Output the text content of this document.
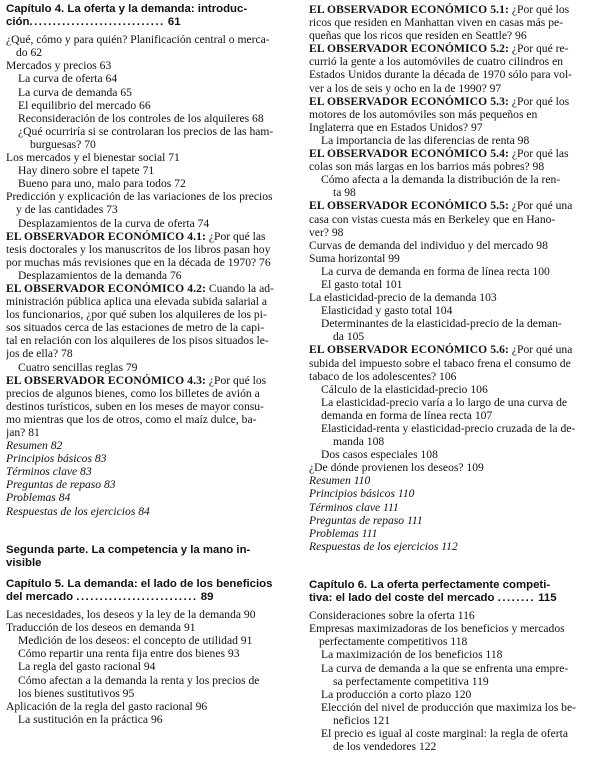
Capítulo 4. La oferta y la demanda: introduc-
ción............................. 61
¿Qué, cómo y para quién? Planificación central o merca-
do 62
Mercados y precios 63
La curva de oferta 64
La curva de demanda 65
El equilibrio del mercado 66
Reconsideración de los controles de los alquileres 68
¿Qué ocurriría si se controlaran los precios de las ham-
burguesas? 70
Los mercados y el bienestar social 71
Hay dinero sobre el tapete 71
Bueno para uno, malo para todos 72
Predicción y explicación de las variaciones de los precios
y de las cantidades 73
Desplazamientos de la curva de oferta 74
EL OBSERVADOR ECONÓMICO 4.1: ¿Por qué las
tesis doctorales y los manuscritos de los libros pasan hoy
por muchas más revisiones que en la década de 1970? 76
Desplazamientos de la demanda 76
EL OBSERVADOR ECONÓMICO 4.2: Cuando la ad-
ministración pública aplica una elevada subida salarial a
los funcionarios, ¿por qué suben los alquileres de los pi-
sos situados cerca de las estaciones de metro de la capi-
tal en relación con los alquileres de los pisos situados le-
jos de ella? 78
Cuatro sencillas reglas 79
EL OBSERVADOR ECONÓMICO 4.3: ¿Por qué los
precios de algunos bienes, como los billetes de avión a
destinos turísticos, suben en los meses de mayor consu-
mo mientras que los de otros, como el maíz dulce, ba-
jan? 81
Resumen 82
Principios básicos 83
Términos clave 83
Preguntas de repaso 83
Problemas 84
Respuestas de los ejercicios 84
Segunda parte. La competencia y la mano in-
visible
Capítulo 5. La demanda: el lado de los beneficios
del mercado .......................... 89
Las necesidades, los deseos y la ley de la demanda 90
Traducción de los deseos en demanda 91
Medición de los deseos: el concepto de utilidad 91
Cómo repartir una renta fija entre dos bienes 93
La regla del gasto racional 94
Cómo afectan a la demanda la renta y los precios de
los bienes sustitutivos 95
Aplicación de la regla del gasto racional 96
La sustitución en la práctica 96
EL OBSERVADOR ECONÓMICO 5.1: ¿Por qué los
ricos que residen en Manhattan viven en casas más pe-
queñas que los ricos que residen en Seattle? 96
EL OBSERVADOR ECONÓMICO 5.2: ¿Por qué re-
currió la gente a los automóviles de cuatro cilindros en
Estados Unidos durante la década de 1970 sólo para vol-
ver a los de seis y ocho en la de 1990? 97
EL OBSERVADOR ECONÓMICO 5.3: ¿Por qué los
motores de los automóviles son más pequeños en
Inglaterra que en Estados Unidos? 97
La importancia de las diferencias de renta 98
EL OBSERVADOR ECONÓMICO 5.4: ¿Por qué las
colas son más largas en los barrios más pobres? 98
Cómo afecta a la demanda la distribución de la ren-
ta 98
EL OBSERVADOR ECONÓMICO 5.5: ¿Por qué una
casa con vistas cuesta más en Berkeley que en Hano-
ver? 98
Curvas de demanda del individuo y del mercado 98
Suma horizontal 99
La curva de demanda en forma de línea recta 100
El gasto total 101
La elasticidad-precio de la demanda 103
Elasticidad y gasto total 104
Determinantes de la elasticidad-precio de la deman-
da 105
EL OBSERVADOR ECONÓMICO 5.6: ¿Por qué una
subida del impuesto sobre el tabaco frena el consumo de
tabaco de los adolescentes? 106
Cálculo de la elasticidad-precio 106
La elasticidad-precio varía a lo largo de una curva de
demanda en forma de línea recta 107
Elasticidad-renta y elasticidad-precio cruzada de la de-
manda 108
Dos casos especiales 108
¿De dónde provienen los deseos? 109
Resumen 110
Principios básicos 110
Términos clave 111
Preguntas de repaso 111
Problemas 111
Respuestas de los ejercicios 112
Capítulo 6. La oferta perfectamente competi-
tiva: el lado del coste del mercado ........ 115
Consideraciones sobre la oferta 116
Empresas maximizadoras de los beneficios y mercados
perfectamente competitivos 118
La maximización de los beneficios 118
La curva de demanda a la que se enfrenta una empre-
sa perfectamente competitiva 119
La producción a corto plazo 120
Elección del nivel de producción que maximiza los be-
neficios 121
El precio es igual al coste marginal: la regla de oferta
de los vendedores 122
